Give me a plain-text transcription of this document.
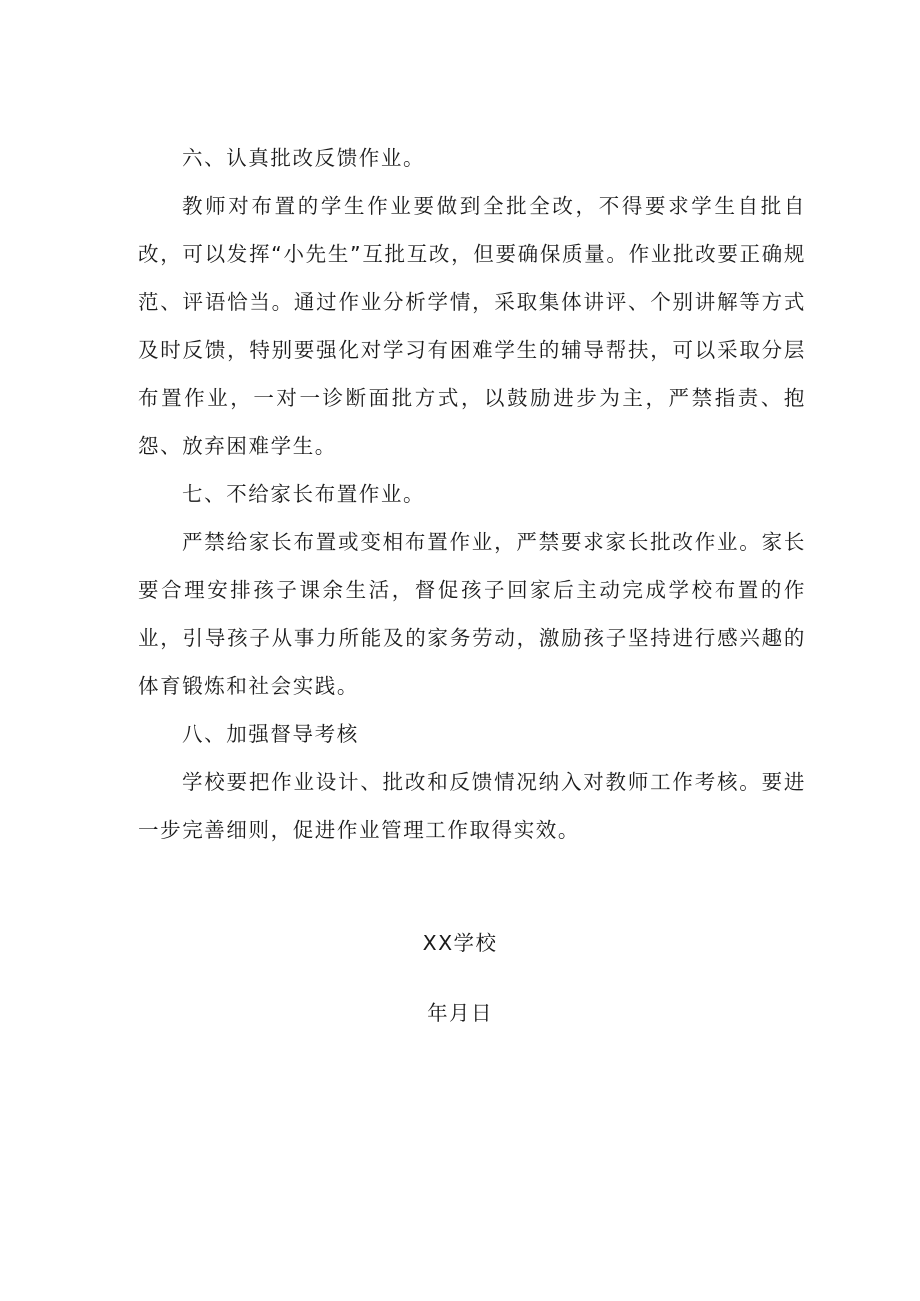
六、认真批改反馈作业。

教师对布置的学生作业要做到全批全改，不得要求学生自批自改，可以发挥“小先生”互批互改，但要确保质量。作业批改要正确规范、评语恰当。通过作业分析学情，采取集体讲评、个别讲解等方式及时反馈，特别要强化对学习有困难学生的辅导帮扶，可以采取分层布置作业，一对一诊断面批方式，以鼓励进步为主，严禁指责、抱怨、放弃困难学生。

七、不给家长布置作业。

严禁给家长布置或变相布置作业，严禁要求家长批改作业。家长要合理安排孩子课余生活，督促孩子回家后主动完成学校布置的作业，引导孩子从事力所能及的家务劳动，激励孩子坚持进行感兴趣的体育锻炼和社会实践。

八、加强督导考核

学校要把作业设计、批改和反馈情况纳入对教师工作考核。要进一步完善细则，促进作业管理工作取得实效。

XX学校

年月日
